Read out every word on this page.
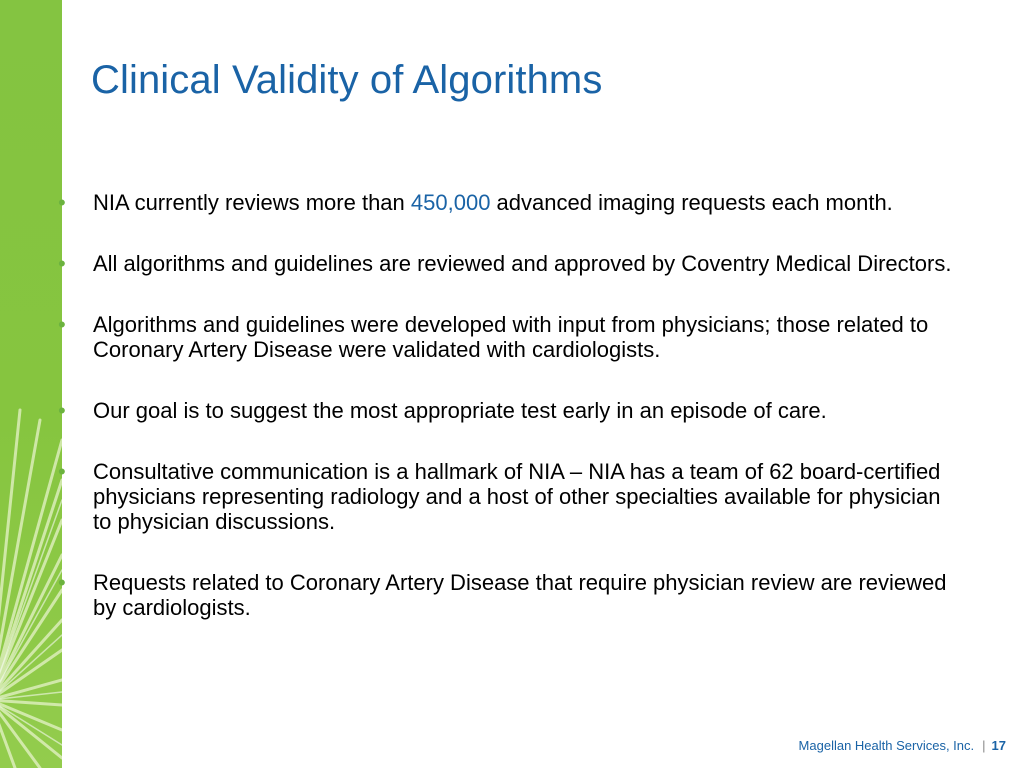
Clinical Validity of Algorithms
• NIA currently reviews more than 450,000 advanced imaging requests each month.
• All algorithms and guidelines are reviewed and approved by Coventry Medical Directors.
• Algorithms and guidelines were developed with input from physicians; those related to Coronary Artery Disease were validated with cardiologists.
• Our goal is to suggest the most appropriate test early in an episode of care.
• Consultative communication is a hallmark of NIA – NIA has a team of 62 board-certified physicians representing radiology and a host of other specialties available for physician to physician discussions.
• Requests related to Coronary Artery Disease that require physician review are reviewed by cardiologists.
Magellan Health Services, Inc. | 17
